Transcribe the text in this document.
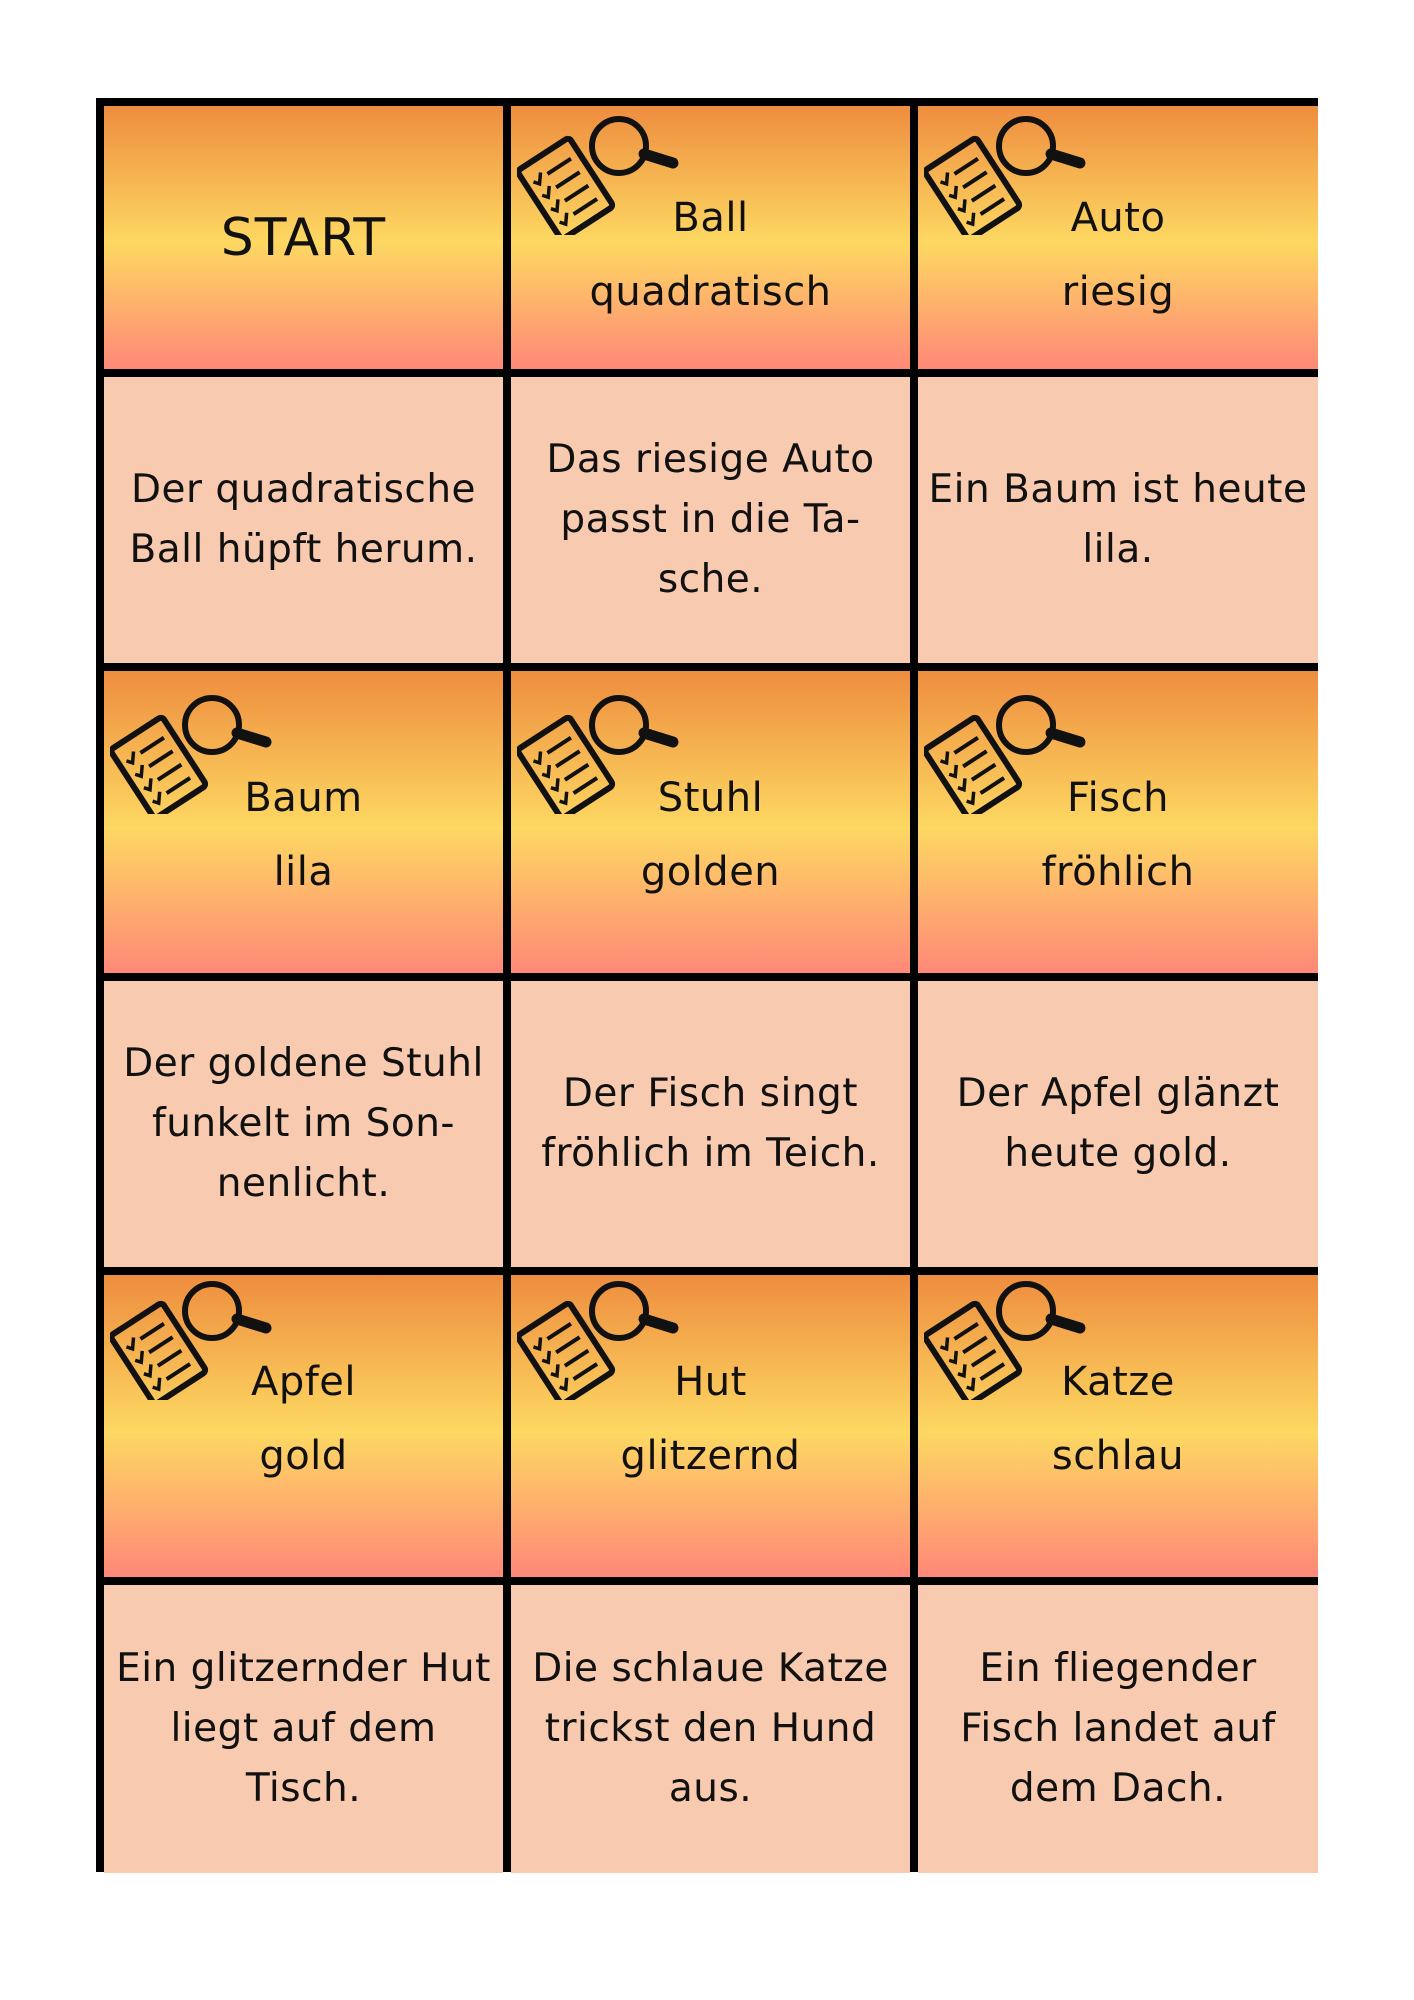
START	Ball
quadratisch
Auto
riesig
Der quadratische
Ball hüpft herum.
Das riesige Auto
passt in die Ta-
sche.
Ein Baum ist heute
lila.
Baum
lila
Stuhl
golden
Fisch
fröhlich
Der goldene Stuhl
funkelt im Son-
nenlicht.
Der Fisch singt
fröhlich im Teich.
Der Apfel glänzt
heute gold.
Apfel
gold
Hut
glitzernd
Katze
schlau
Ein glitzernder Hut
liegt auf dem
Tisch.
Die schlaue Katze
trickst den Hund
aus.
Ein fliegender
Fisch landet auf
dem Dach.
